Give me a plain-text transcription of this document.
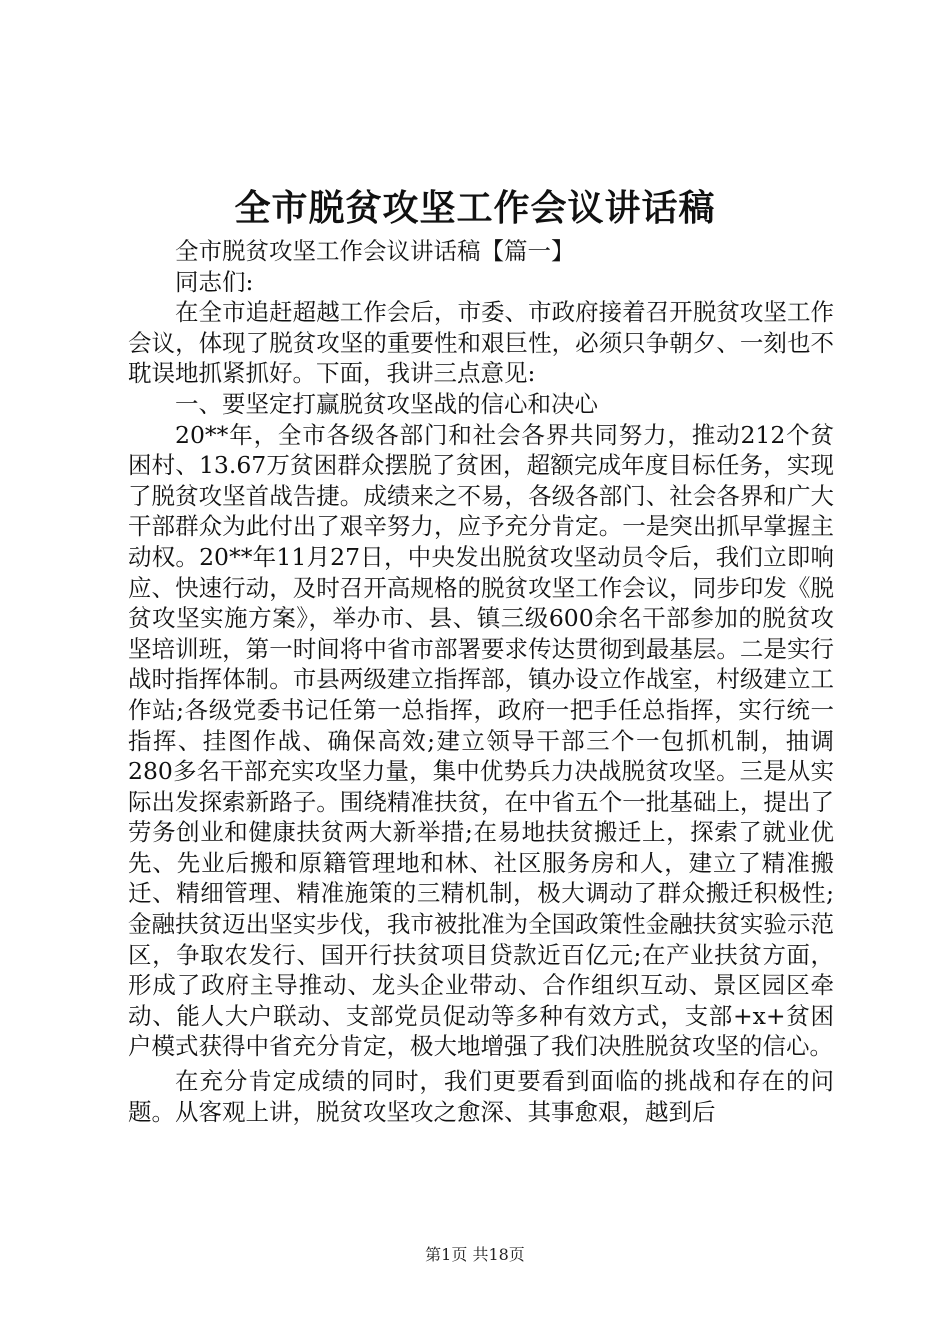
全市脱贫攻坚工作会议讲话稿

全市脱贫攻坚工作会议讲话稿【篇一】

同志们:

在全市追赶超越工作会后，市委、市政府接着召开脱贫攻坚工作会议，体现了脱贫攻坚的重要性和艰巨性，必须只争朝夕、一刻也不耽误地抓紧抓好。下面，我讲三点意见:

一、要坚定打赢脱贫攻坚战的信心和决心

20**年，全市各级各部门和社会各界共同努力，推动212个贫困村、13.67万贫困群众摆脱了贫困，超额完成年度目标任务，实现了脱贫攻坚首战告捷。成绩来之不易，各级各部门、社会各界和广大干部群众为此付出了艰辛努力，应予充分肯定。一是突出抓早掌握主动权。20**年11月27日，中央发出脱贫攻坚动员令后，我们立即响应、快速行动，及时召开高规格的脱贫攻坚工作会议，同步印发《脱贫攻坚实施方案》，举办市、县、镇三级600余名干部参加的脱贫攻坚培训班，第一时间将中省市部署要求传达贯彻到最基层。二是实行战时指挥体制。市县两级建立指挥部，镇办设立作战室，村级建立工作站;各级党委书记任第一总指挥，政府一把手任总指挥，实行统一指挥、挂图作战、确保高效;建立领导干部三个一包抓机制，抽调280多名干部充实攻坚力量，集中优势兵力决战脱贫攻坚。三是从实际出发探索新路子。围绕精准扶贫，在中省五个一批基础上，提出了劳务创业和健康扶贫两大新举措;在易地扶贫搬迁上，探索了就业优先、先业后搬和原籍管理地和林、社区服务房和人，建立了精准搬迁、精细管理、精准施策的三精机制，极大调动了群众搬迁积极性;金融扶贫迈出坚实步伐，我市被批准为全国政策性金融扶贫实验示范区，争取农发行、国开行扶贫项目贷款近百亿元;在产业扶贫方面，形成了政府主导推动、龙头企业带动、合作组织互动、景区园区牵动、能人大户联动、支部党员促动等多种有效方式，支部+x+贫困户模式获得中省充分肯定，极大地增强了我们决胜脱贫攻坚的信心。

在充分肯定成绩的同时，我们更要看到面临的挑战和存在的问题。从客观上讲，脱贫攻坚攻之愈深、其事愈艰，越到后

第1页 共18页
